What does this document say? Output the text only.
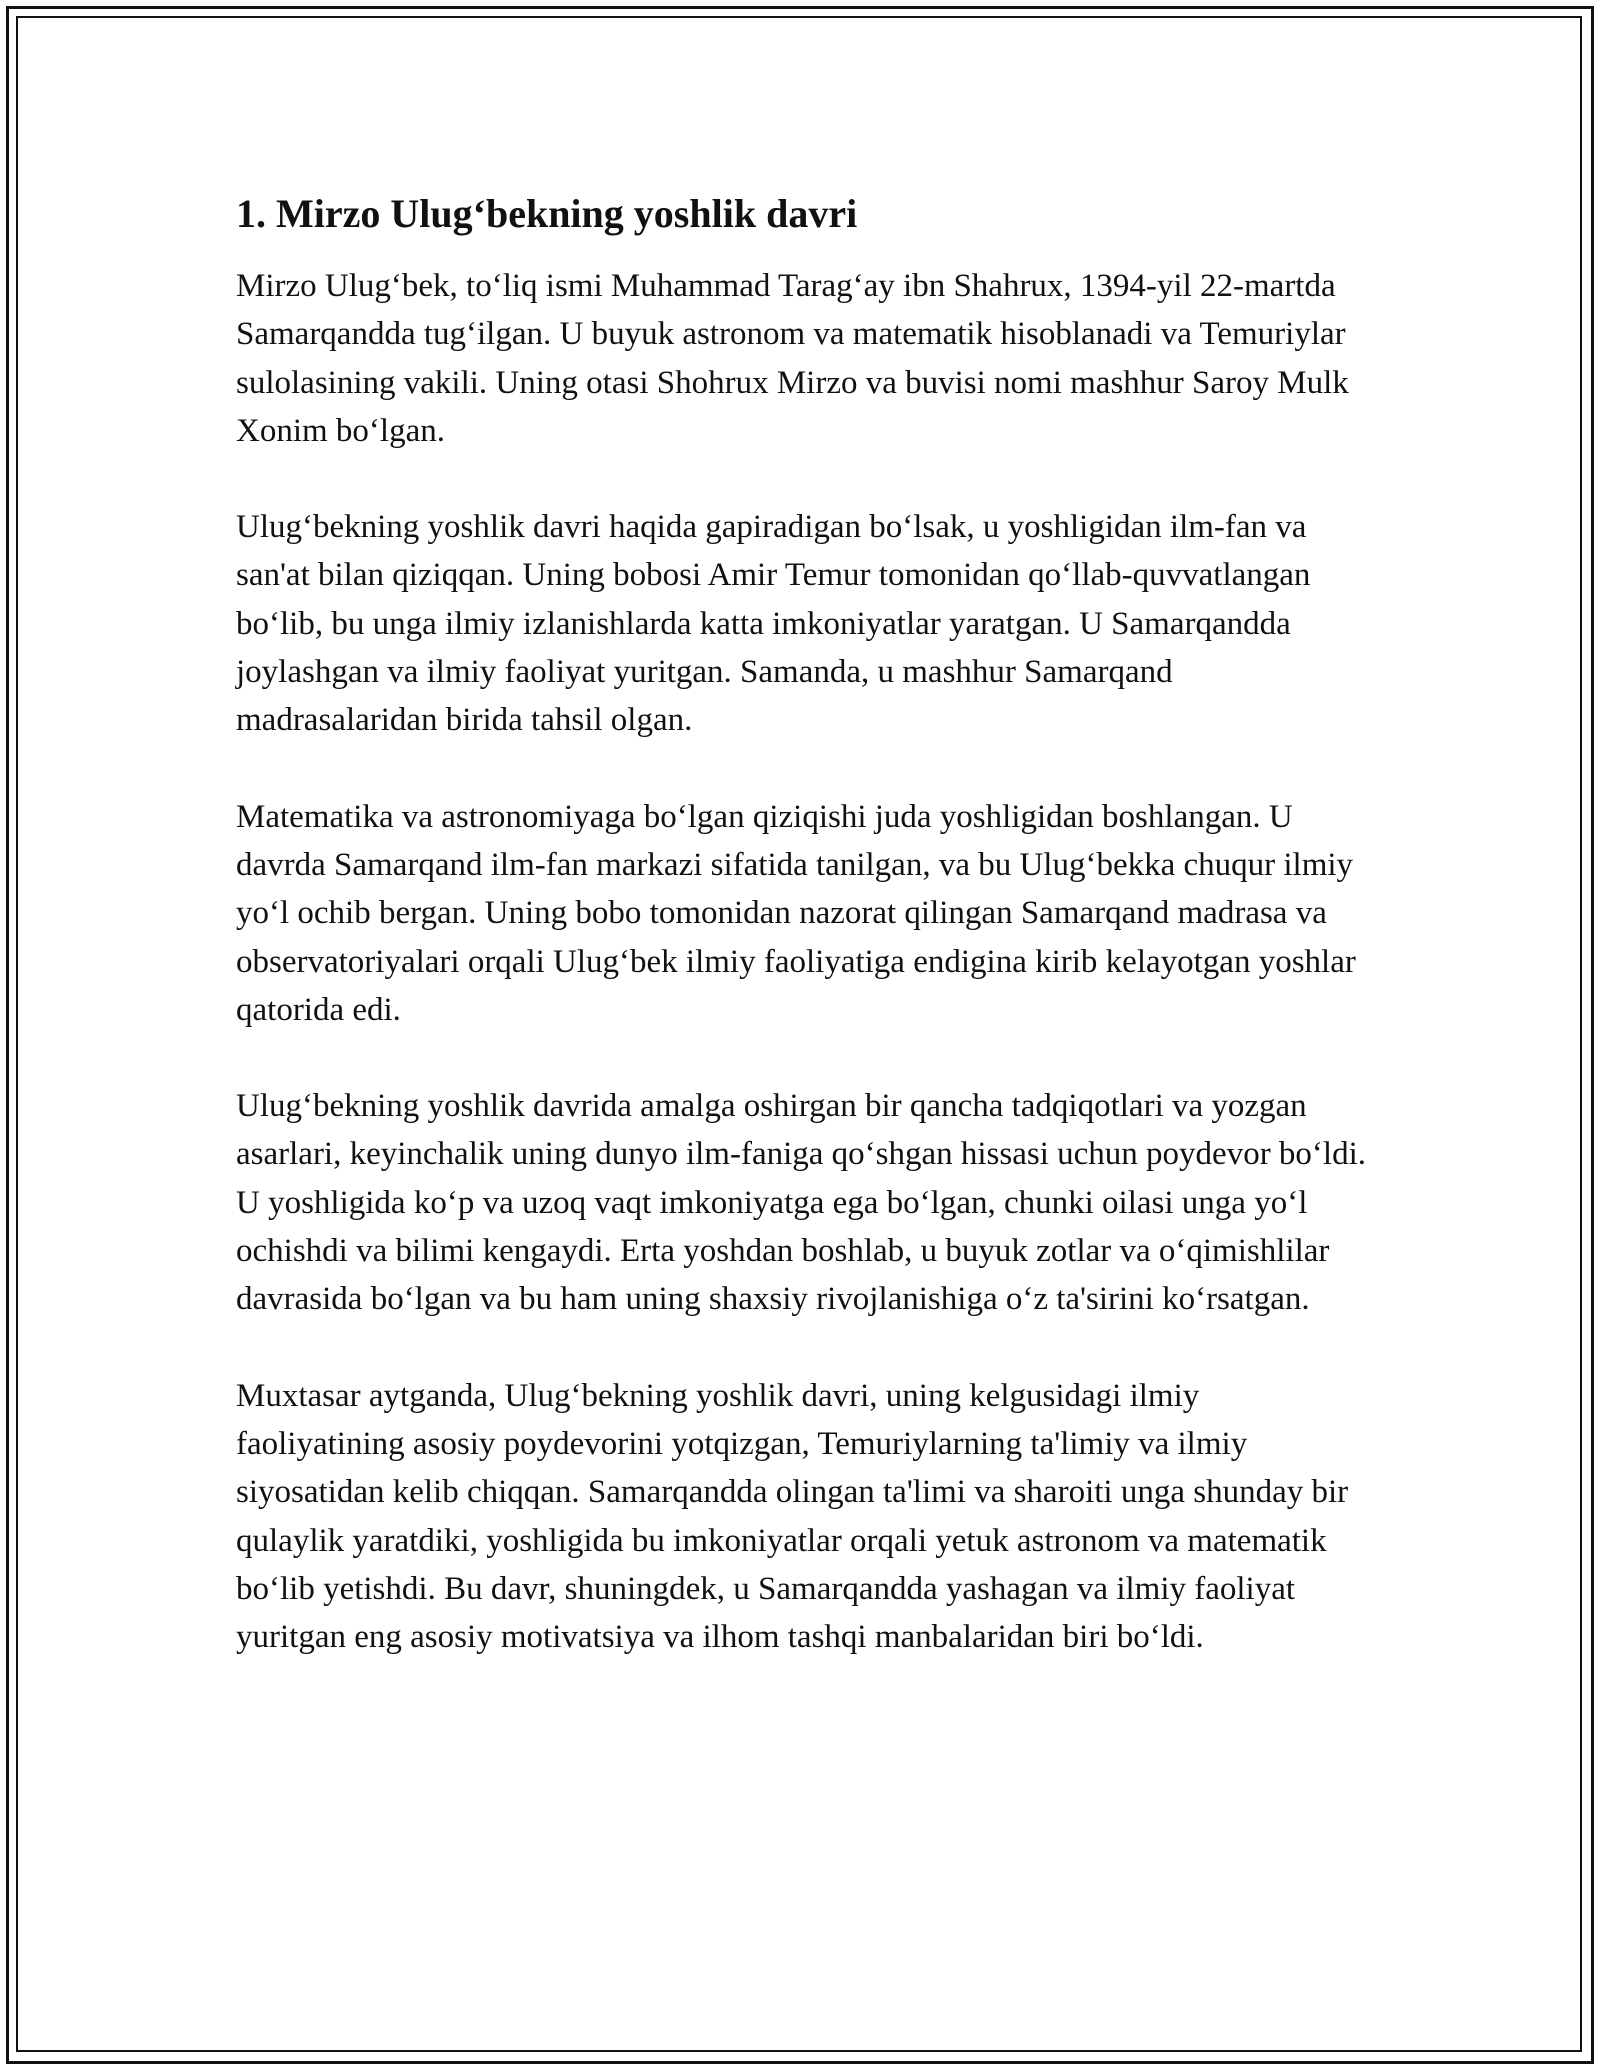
1. Mirzo Ulug‘bekning yoshlik davri

Mirzo Ulug‘bek, to‘liq ismi Muhammad Tarag‘ay ibn Shahrux, 1394-yil 22-martda Samarqandda tug‘ilgan. U buyuk astronom va matematik hisoblanadi va Temuriylar sulolasining vakili. Uning otasi Shohrux Mirzo va buvisi nomi mashhur Saroy Mulk Xonim bo‘lgan.

Ulug‘bekning yoshlik davri haqida gapiradigan bo‘lsak, u yoshligidan ilm-fan va san'at bilan qiziqqan. Uning bobosi Amir Temur tomonidan qo‘llab-quvvatlangan bo‘lib, bu unga ilmiy izlanishlarda katta imkoniyatlar yaratgan. U Samarqandda joylashgan va ilmiy faoliyat yuritgan. Samanda, u mashhur Samarqand madrasalaridan birida tahsil olgan.

Matematika va astronomiyaga bo‘lgan qiziqishi juda yoshligidan boshlangan. U davrda Samarqand ilm-fan markazi sifatida tanilgan, va bu Ulug‘bekka chuqur ilmiy yo‘l ochib bergan. Uning bobo tomonidan nazorat qilingan Samarqand madrasa va observatoriyalari orqali Ulug‘bek ilmiy faoliyatiga endigina kirib kelayotgan yoshlar qatorida edi.

Ulug‘bekning yoshlik davrida amalga oshirgan bir qancha tadqiqotlari va yozgan asarlari, keyinchalik uning dunyo ilm-faniga qo‘shgan hissasi uchun poydevor bo‘ldi. U yoshligida ko‘p va uzoq vaqt imkoniyatga ega bo‘lgan, chunki oilasi unga yo‘l ochishdi va bilimi kengaydi. Erta yoshdan boshlab, u buyuk zotlar va o‘qimishlilar davrasida bo‘lgan va bu ham uning shaxsiy rivojlanishiga o‘z ta'sirini ko‘rsatgan.

Muxtasar aytganda, Ulug‘bekning yoshlik davri, uning kelgusidagi ilmiy faoliyatining asosiy poydevorini yotqizgan, Temuriylarning ta'limiy va ilmiy siyosatidan kelib chiqqan. Samarqandda olingan ta'limi va sharoiti unga shunday bir qulaylik yaratdiki, yoshligida bu imkoniyatlar orqali yetuk astronom va matematik bo‘lib yetishdi. Bu davr, shuningdek, u Samarqandda yashagan va ilmiy faoliyat yuritgan eng asosiy motivatsiya va ilhom tashqi manbalaridan biri bo‘ldi.
